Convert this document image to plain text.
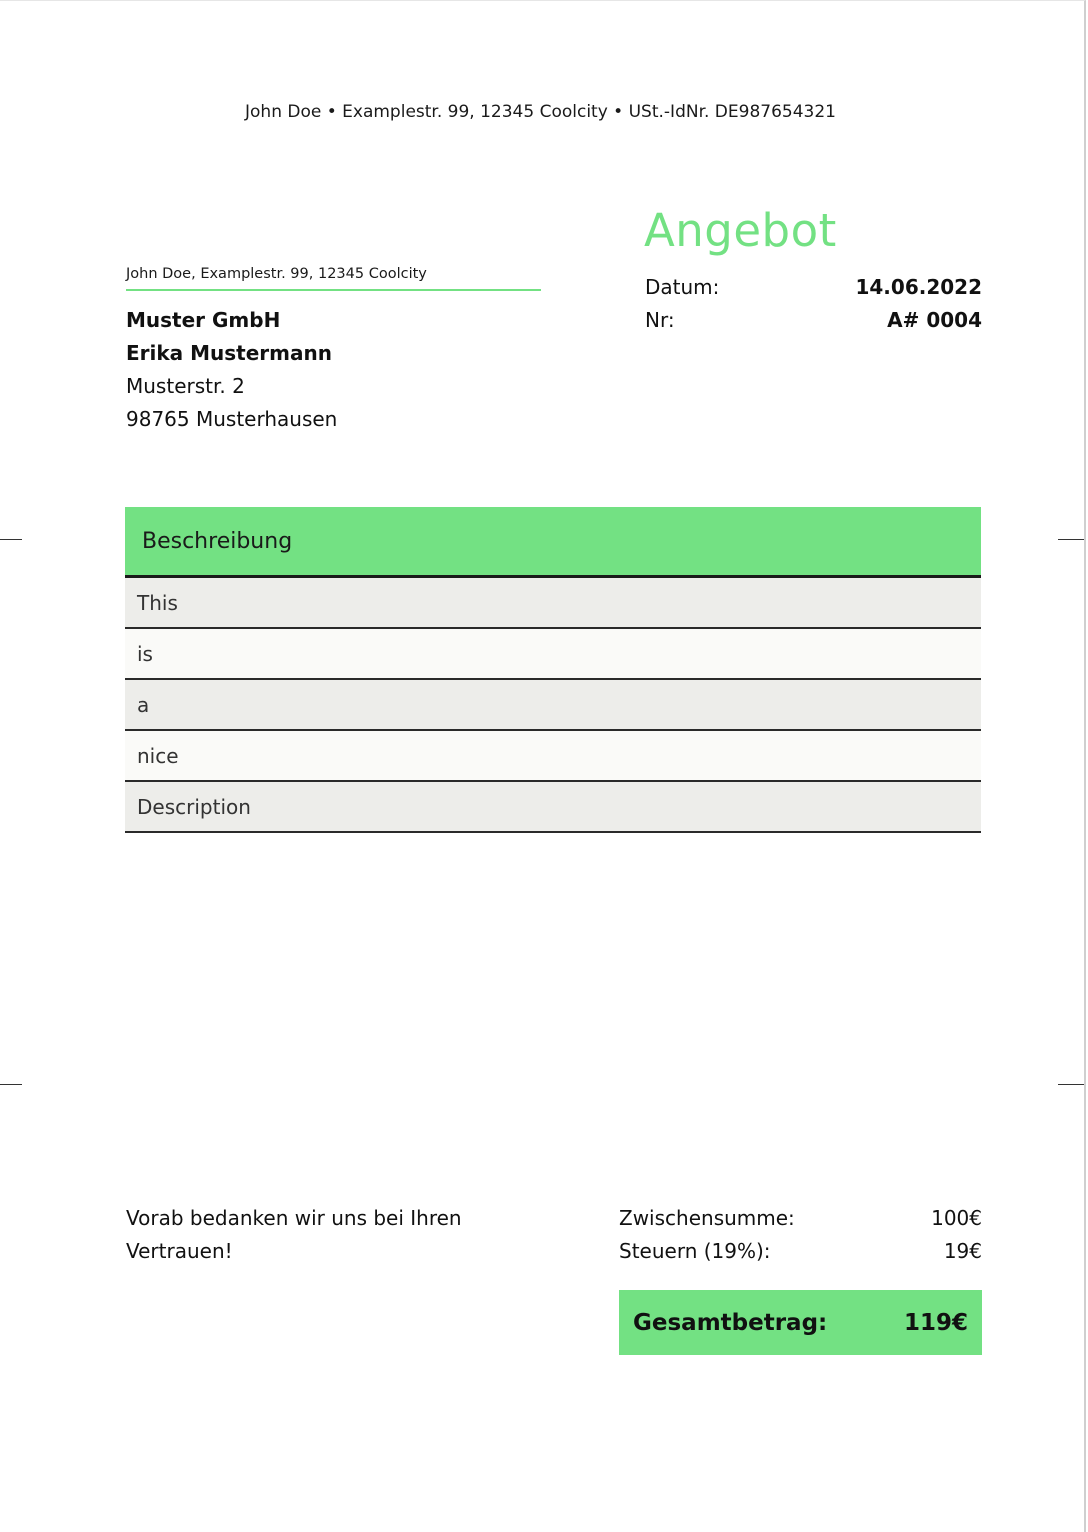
John Doe • Examplestr. 99, 12345 Coolcity • USt.-IdNr. DE987654321
John Doe, Examplestr. 99, 12345 Coolcity
Muster GmbH
Erika Mustermann
Musterstr. 2
98765 Musterhausen
Angebot
Datum:	14.06.2022
Nr:	A# 0004
Beschreibung
This
is
a
nice
Description
Vorab bedanken wir uns bei Ihren
Vertrauen!
Zwischensumme:	100€
Steuern (19%):	19€
Gesamtbetrag:	119€
